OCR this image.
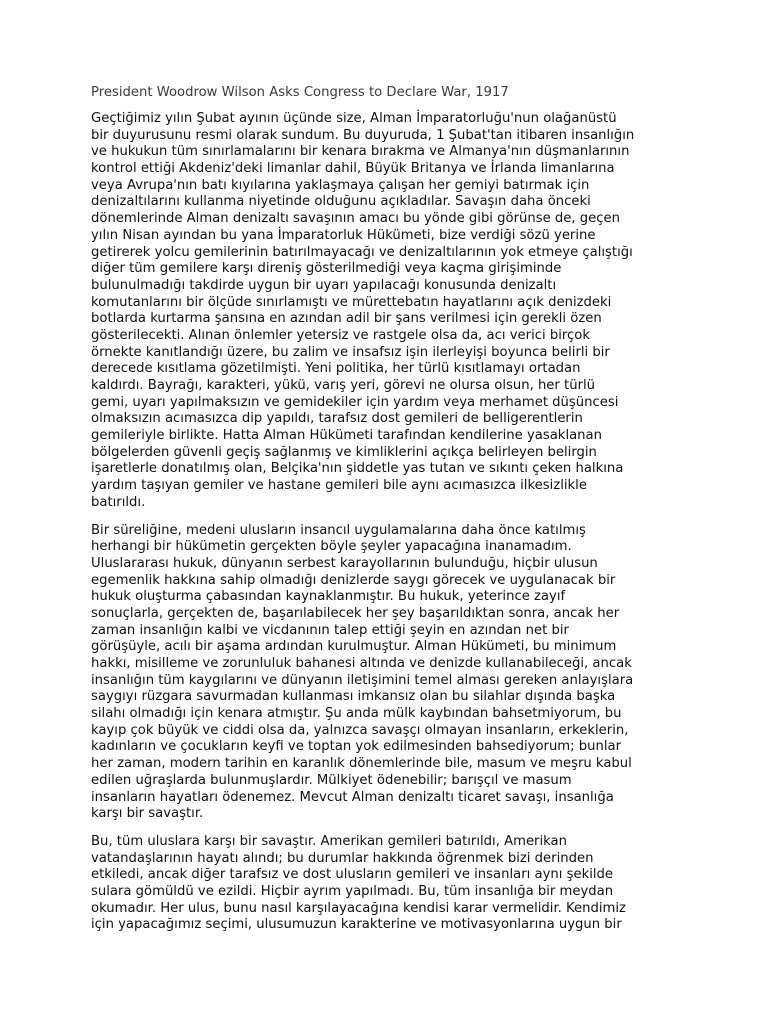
President Woodrow Wilson Asks Congress to Declare War, 1917
Geçtiğimiz yılın Şubat ayının üçünde size, Alman İmparatorluğu'nun olağanüstü
bir duyurusunu resmi olarak sundum. Bu duyuruda, 1 Şubat'tan itibaren insanlığın
ve hukukun tüm sınırlamalarını bir kenara bırakma ve Almanya'nın düşmanlarının
kontrol ettiği Akdeniz'deki limanlar dahil, Büyük Britanya ve İrlanda limanlarına
veya Avrupa'nın batı kıyılarına yaklaşmaya çalışan her gemiyi batırmak için
denizaltılarını kullanma niyetinde olduğunu açıkladılar. Savaşın daha önceki
dönemlerinde Alman denizaltı savaşının amacı bu yönde gibi görünse de, geçen
yılın Nisan ayından bu yana İmparatorluk Hükümeti, bize verdiği sözü yerine
getirerek yolcu gemilerinin batırılmayacağı ve denizaltılarının yok etmeye çalıştığı
diğer tüm gemilere karşı direniş gösterilmediği veya kaçma girişiminde
bulunulmadığı takdirde uygun bir uyarı yapılacağı konusunda denizaltı
komutanlarını bir ölçüde sınırlamıştı ve mürettebatın hayatlarını açık denizdeki
botlarda kurtarma şansına en azından adil bir şans verilmesi için gerekli özen
gösterilecekti. Alınan önlemler yetersiz ve rastgele olsa da, acı verici birçok
örnekte kanıtlandığı üzere, bu zalim ve insafsız işin ilerleyişi boyunca belirli bir
derecede kısıtlama gözetilmişti. Yeni politika, her türlü kısıtlamayı ortadan
kaldırdı. Bayrağı, karakteri, yükü, varış yeri, görevi ne olursa olsun, her türlü
gemi, uyarı yapılmaksızın ve gemidekiler için yardım veya merhamet düşüncesi
olmaksızın acımasızca dip yapıldı, tarafsız dost gemileri de belligerentlerin
gemileriyle birlikte. Hatta Alman Hükümeti tarafından kendilerine yasaklanan
bölgelerden güvenli geçiş sağlanmış ve kimliklerini açıkça belirleyen belirgin
işaretlerle donatılmış olan, Belçika'nın şiddetle yas tutan ve sıkıntı çeken halkına
yardım taşıyan gemiler ve hastane gemileri bile aynı acımasızca ilkesizlikle
batırıldı.
Bir süreliğine, medeni ulusların insancıl uygulamalarına daha önce katılmış
herhangi bir hükümetin gerçekten böyle şeyler yapacağına inanamadım.
Uluslararası hukuk, dünyanın serbest karayollarının bulunduğu, hiçbir ulusun
egemenlik hakkına sahip olmadığı denizlerde saygı görecek ve uygulanacak bir
hukuk oluşturma çabasından kaynaklanmıştır. Bu hukuk, yeterince zayıf
sonuçlarla, gerçekten de, başarılabilecek her şey başarıldıktan sonra, ancak her
zaman insanlığın kalbi ve vicdanının talep ettiği şeyin en azından net bir
görüşüyle, acılı bir aşama ardından kurulmuştur. Alman Hükümeti, bu minimum
hakkı, misilleme ve zorunluluk bahanesi altında ve denizde kullanabileceği, ancak
insanlığın tüm kaygılarını ve dünyanın iletişimini temel alması gereken anlayışlara
saygıyı rüzgara savurmadan kullanması imkansız olan bu silahlar dışında başka
silahı olmadığı için kenara atmıştır. Şu anda mülk kaybından bahsetmiyorum, bu
kayıp çok büyük ve ciddi olsa da, yalnızca savaşçı olmayan insanların, erkeklerin,
kadınların ve çocukların keyfi ve toptan yok edilmesinden bahsediyorum; bunlar
her zaman, modern tarihin en karanlık dönemlerinde bile, masum ve meşru kabul
edilen uğraşlarda bulunmuşlardır. Mülkiyet ödenebilir; barışçıl ve masum
insanların hayatları ödenemez. Mevcut Alman denizaltı ticaret savaşı, insanlığa
karşı bir savaştır.
Bu, tüm uluslara karşı bir savaştır. Amerikan gemileri batırıldı, Amerikan
vatandaşlarının hayatı alındı; bu durumlar hakkında öğrenmek bizi derinden
etkiledi, ancak diğer tarafsız ve dost ulusların gemileri ve insanları aynı şekilde
sulara gömüldü ve ezildi. Hiçbir ayrım yapılmadı. Bu, tüm insanlığa bir meydan
okumadır. Her ulus, bunu nasıl karşılayacağına kendisi karar vermelidir. Kendimiz
için yapacağımız seçimi, ulusumuzun karakterine ve motivasyonlarına uygun bir
